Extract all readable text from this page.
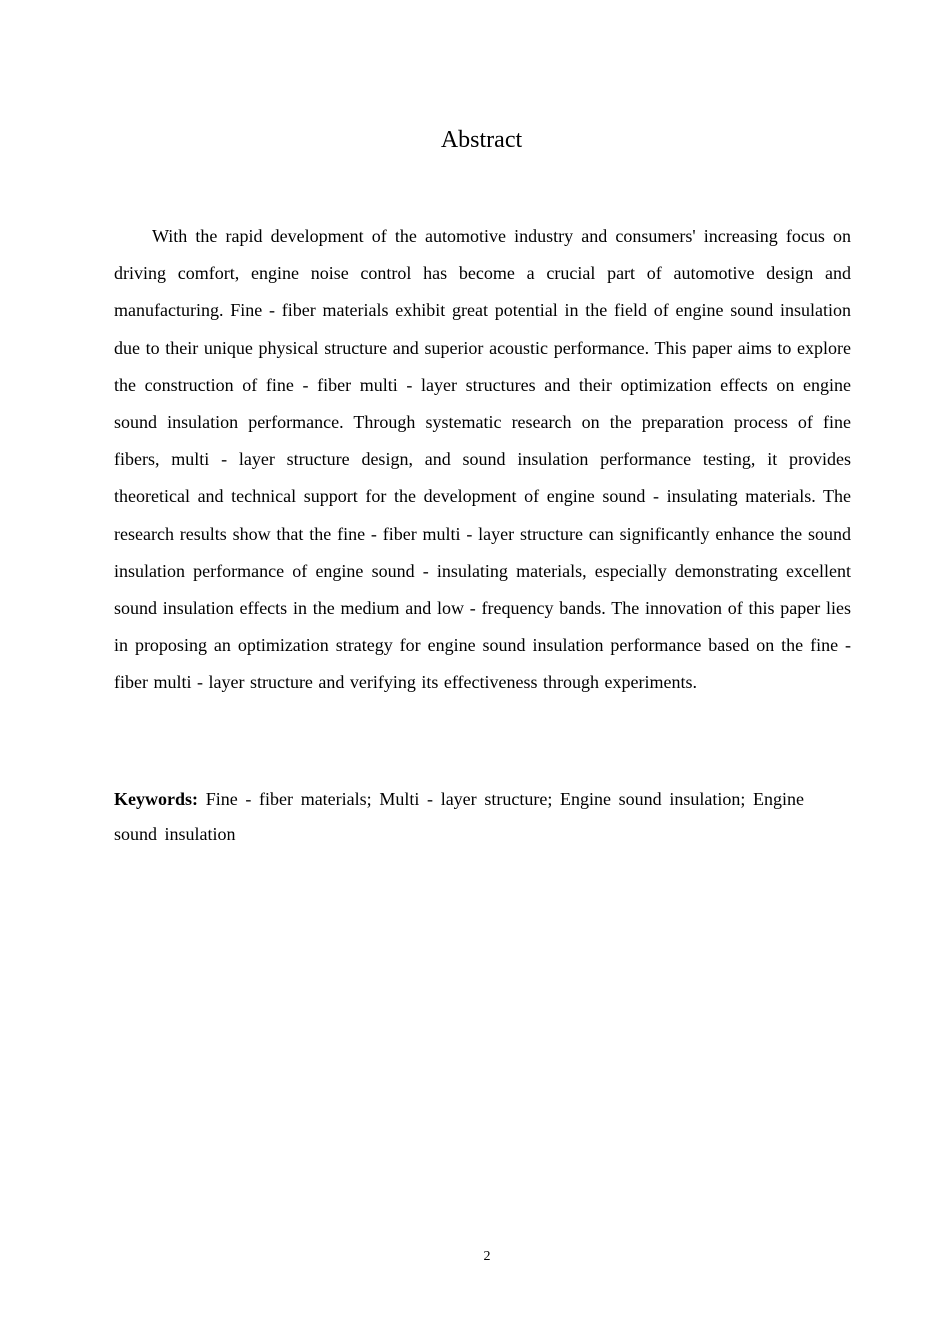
Abstract

With the rapid development of the automotive industry and consumers' increasing focus on driving comfort, engine noise control has become a crucial part of automotive design and manufacturing. Fine - fiber materials exhibit great potential in the field of engine sound insulation due to their unique physical structure and superior acoustic performance. This paper aims to explore the construction of fine - fiber multi - layer structures and their optimization effects on engine sound insulation performance. Through systematic research on the preparation process of fine fibers, multi - layer structure design, and sound insulation performance testing, it provides theoretical and technical support for the development of engine sound - insulating materials. The research results show that the fine - fiber multi - layer structure can significantly enhance the sound insulation performance of engine sound - insulating materials, especially demonstrating excellent sound insulation effects in the medium and low - frequency bands. The innovation of this paper lies in proposing an optimization strategy for engine sound insulation performance based on the fine - fiber multi - layer structure and verifying its effectiveness through experiments.

Keywords: Fine - fiber materials; Multi - layer structure; Engine sound insulation; Engine sound insulation

2
